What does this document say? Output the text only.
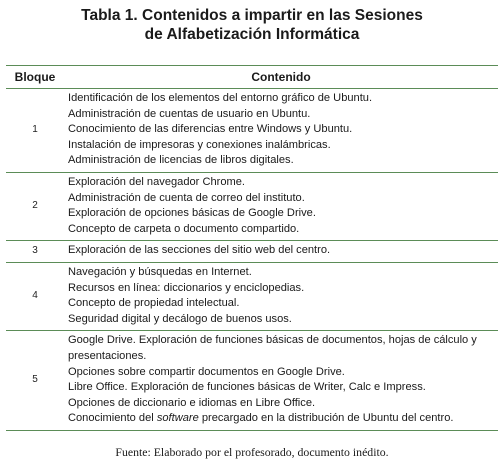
Tabla 1. Contenidos a impartir en las Sesiones
de Alfabetización Informática
Bloque	Contenido
1	Identificación de los elementos del entorno gráfico de Ubuntu.
Administración de cuentas de usuario en Ubuntu.
Conocimiento de las diferencias entre Windows y Ubuntu.
Instalación de impresoras y conexiones inalámbricas.
Administración de licencias de libros digitales.

2	Exploración del navegador Chrome.
Administración de cuenta de correo del instituto.
Exploración de opciones básicas de Google Drive.
Concepto de carpeta o documento compartido.

3	Exploración de las secciones del sitio web del centro.

4	Navegación y búsquedas en Internet.
Recursos en línea: diccionarios y enciclopedias.
Concepto de propiedad intelectual.
Seguridad digital y decálogo de buenos usos.

5	Google Drive. Exploración de funciones básicas de documentos, hojas de cálculo y presentaciones.
Opciones sobre compartir documentos en Google Drive.
Libre Office. Exploración de funciones básicas de Writer, Calc e Impress.
Opciones de diccionario e idiomas en Libre Office.
Conocimiento del software precargado en la distribución de Ubuntu del centro.
Fuente: Elaborado por el profesorado, documento inédito.
